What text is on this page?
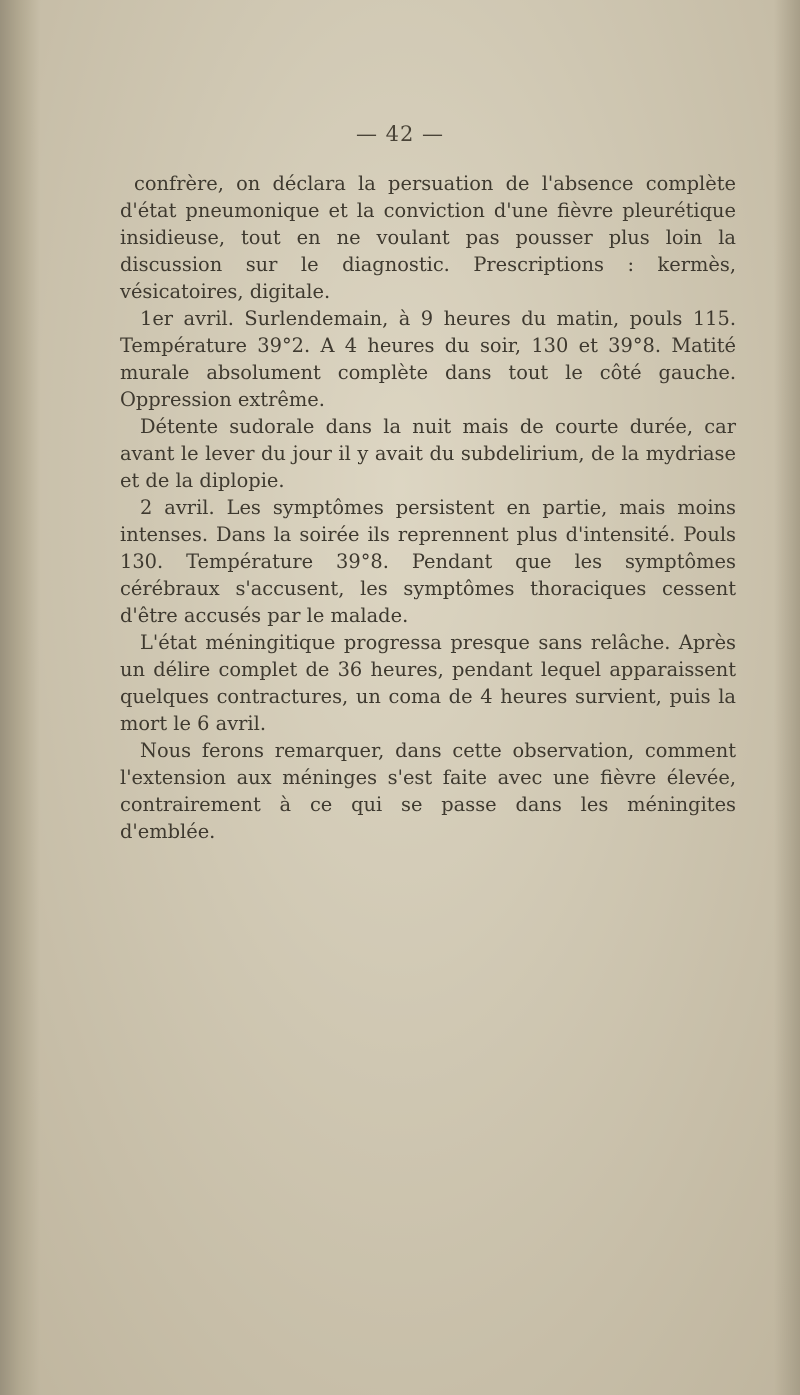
— 42 —

confrère, on déclara la persuation de l'absence complète d'état pneumonique et la conviction d'une fièvre pleurétique insidieuse, tout en ne voulant pas pousser plus loin la discussion sur le diagnostic. Prescriptions : kermès, vésicatoires, digitale.

1er avril. Surlendemain, à 9 heures du matin, pouls 115. Température 39°2. A 4 heures du soir, 130 et 39°8. Matité murale absolument complète dans tout le côté gauche. Oppression extrême.

Détente sudorale dans la nuit mais de courte durée, car avant le lever du jour il y avait du subdelirium, de la mydriase et de la diplopie.

2 avril. Les symptômes persistent en partie, mais moins intenses. Dans la soirée ils reprennent plus d'intensité. Pouls 130. Température 39°8. Pendant que les symptômes cérébraux s'accusent, les symptômes thoraciques cessent d'être accusés par le malade.

L'état méningitique progressa presque sans relâche. Après un délire complet de 36 heures, pendant lequel apparaissent quelques contractures, un coma de 4 heures survient, puis la mort le 6 avril.

Nous ferons remarquer, dans cette observation, comment l'extension aux méninges s'est faite avec une fièvre élevée, contrairement à ce qui se passe dans les méningites d'emblée.
